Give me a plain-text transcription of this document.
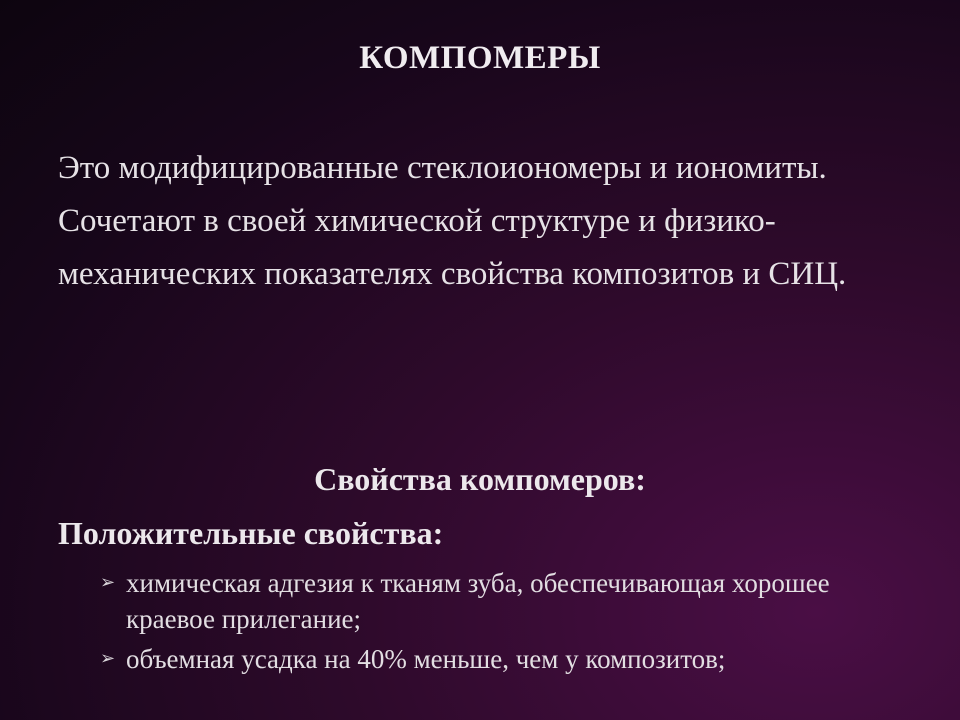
КОМПОМЕРЫ

Это модифицированные стеклоиономеры и иономиты.

Сочетают в своей химической структуре и физико-механических показателях свойства композитов и СИЦ.

Свойства компомеров:
Положительные свойства:
➢ химическая адгезия к тканям зуба, обеспечивающая хорошее краевое прилегание;
➢ объемная усадка на 40% меньше, чем у композитов;
